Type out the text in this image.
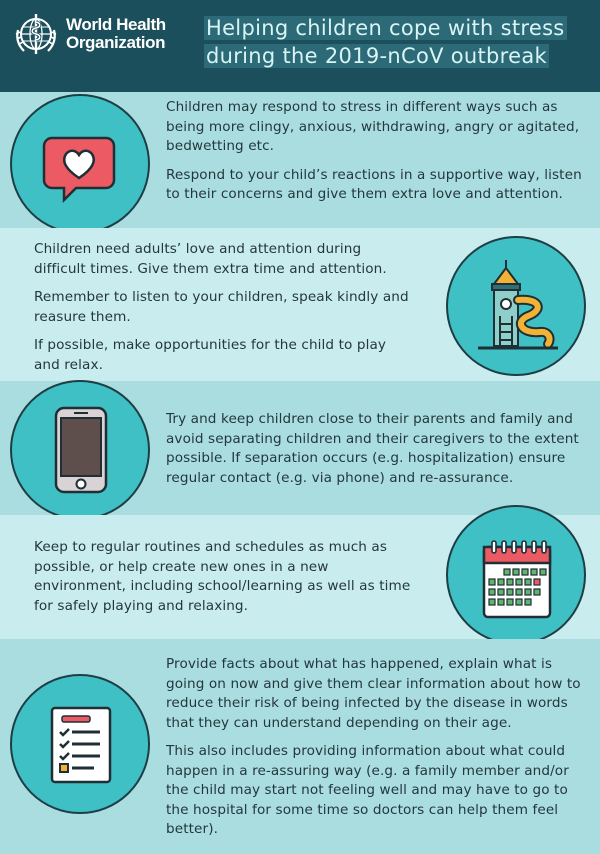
World Health
Organization
Helping children cope with stress during the 2019-nCoV outbreak

Children may respond to stress in different ways such as being more clingy, anxious, withdrawing, angry or agitated, bedwetting etc.

Respond to your child’s reactions in a supportive way, listen to their concerns and give them extra love and attention.

Children need adults’ love and attention during difficult times. Give them extra time and attention.

Remember to listen to your children, speak kindly and reasure them.

If possible, make opportunities for the child to play and relax.

Try and keep children close to their parents and family and avoid separating children and their caregivers to the extent possible. If separation occurs (e.g. hospitalization) ensure regular contact (e.g. via phone) and re-assurance.

Keep to regular routines and schedules as much as possible, or help create new ones in a new environment, including school/learning as well as time for safely playing and relaxing.

Provide facts about what has happened, explain what is going on now and give them clear information about how to reduce their risk of being infected by the disease in words that they can understand depending on their age.

This also includes providing information about what could happen in a re-assuring way (e.g. a family member and/or the child may start not feeling well and may have to go to the hospital for some time so doctors can help them feel better).
